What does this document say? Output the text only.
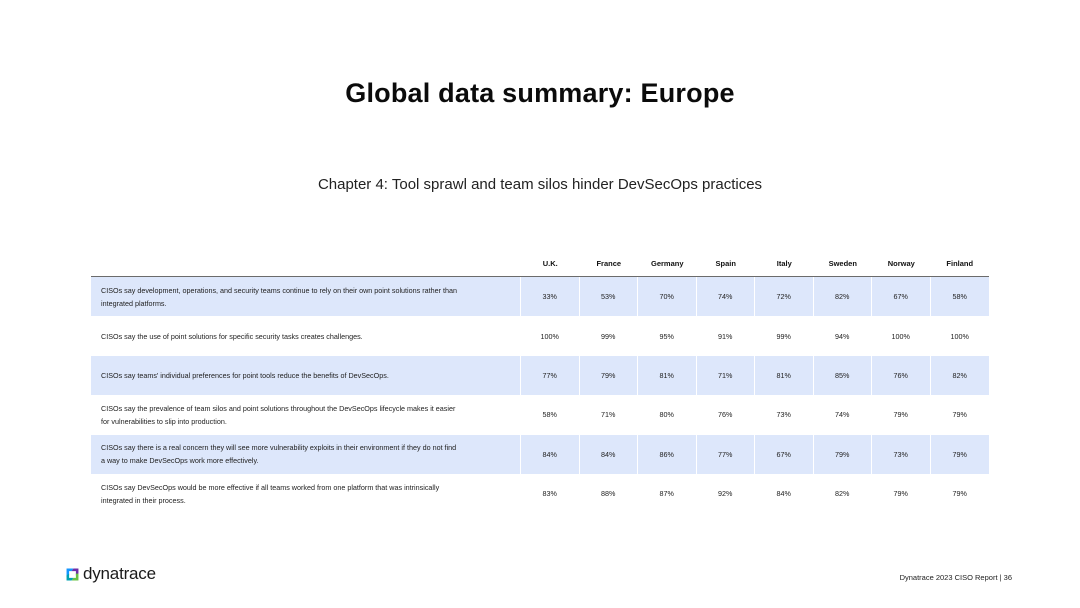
Global data summary: Europe
Chapter 4: Tool sprawl and team silos hinder DevSecOps practices
	U.K.	France	Germany	Spain	Italy	Sweden	Norway	Finland
CISOs say development, operations, and security teams continue to rely on their own point solutions rather than integrated platforms.	33%	53%	70%	74%	72%	82%	67%	58%
CISOs say the use of point solutions for specific security tasks creates challenges.	100%	99%	95%	91%	99%	94%	100%	100%
CISOs say teams' individual preferences for point tools reduce the benefits of DevSecOps.	77%	79%	81%	71%	81%	85%	76%	82%
CISOs say the prevalence of team silos and point solutions throughout the DevSecOps lifecycle makes it easier for vulnerabilities to slip into production.	58%	71%	80%	76%	73%	74%	79%	79%
CISOs say there is a real concern they will see more vulnerability exploits in their environment if they do not find a way to make DevSecOps work more effectively.	84%	84%	86%	77%	67%	79%	73%	79%
CISOs say DevSecOps would be more effective if all teams worked from one platform that was intrinsically integrated in their process.	83%	88%	87%	92%	84%	82%	79%	79%
dynatrace	Dynatrace 2023 CISO Report | 36
